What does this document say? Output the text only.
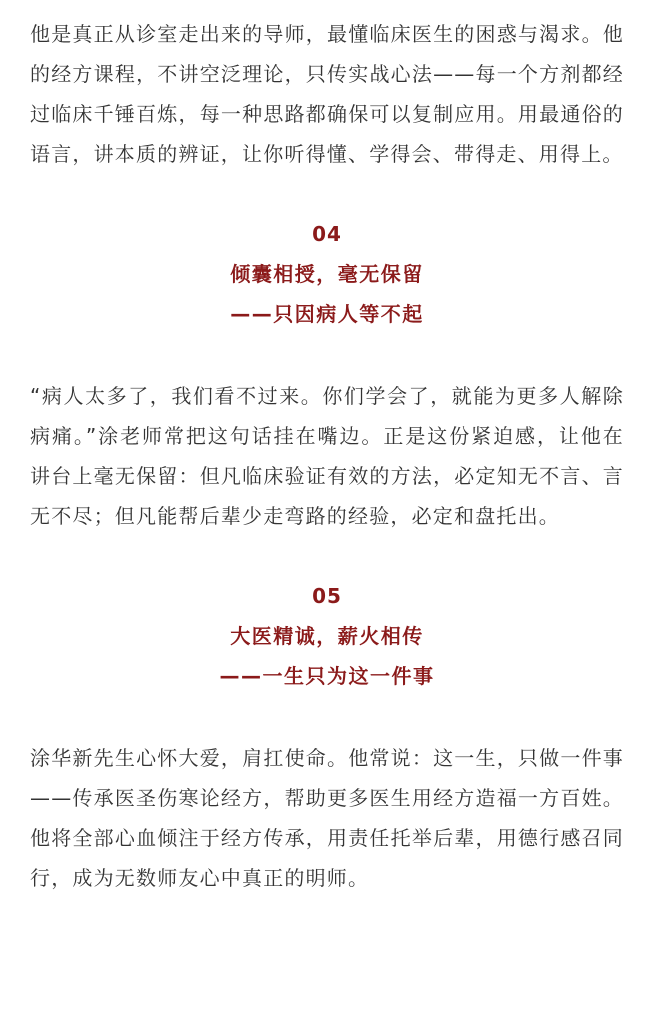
他是真正从诊室走出来的导师，最懂临床医生的困惑与渴求。他的经方课程，不讲空泛理论，只传实战心法——每一个方剂都经过临床千锤百炼，每一种思路都确保可以复制应用。用最通俗的语言，讲本质的辨证，让你听得懂、学得会、带得走、用得上。

04
倾囊相授，毫无保留
——只因病人等不起

“病人太多了，我们看不过来。你们学会了，就能为更多人解除病痛。”涂老师常把这句话挂在嘴边。正是这份紧迫感，让他在讲台上毫无保留：但凡临床验证有效的方法，必定知无不言、言无不尽；但凡能帮后辈少走弯路的经验，必定和盘托出。

05
大医精诚，薪火相传
——一生只为这一件事

涂华新先生心怀大爱，肩扛使命。他常说：这一生，只做一件事——传承医圣伤寒论经方，帮助更多医生用经方造福一方百姓。他将全部心血倾注于经方传承，用责任托举后辈，用德行感召同行，成为无数师友心中真正的明师。
